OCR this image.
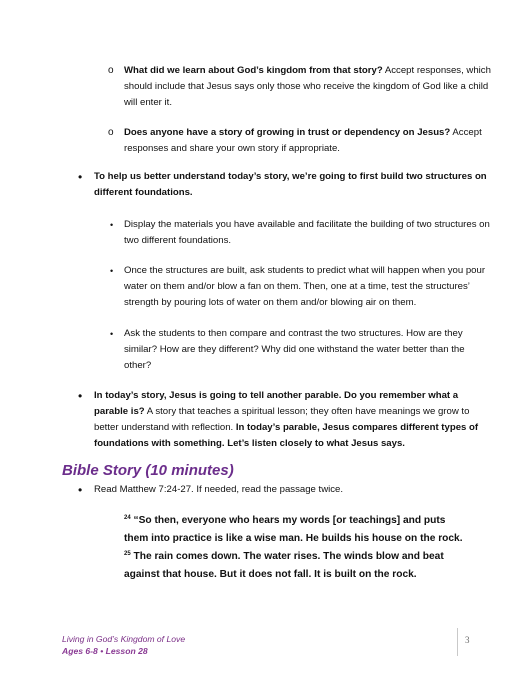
o What did we learn about God’s kingdom from that story? Accept responses, which should include that Jesus says only those who receive the kingdom of God like a child will enter it.
o Does anyone have a story of growing in trust or dependency on Jesus? Accept responses and share your own story if appropriate.
• To help us better understand today’s story, we’re going to first build two structures on different foundations.
• Display the materials you have available and facilitate the building of two structures on two different foundations.
• Once the structures are built, ask students to predict what will happen when you pour water on them and/or blow a fan on them. Then, one at a time, test the structures’ strength by pouring lots of water on them and/or blowing air on them.
• Ask the students to then compare and contrast the two structures. How are they similar? How are they different? Why did one withstand the water better than the other?
• In today’s story, Jesus is going to tell another parable. Do you remember what a parable is? A story that teaches a spiritual lesson; they often have meanings we grow to better understand with reflection. In today’s parable, Jesus compares different types of foundations with something. Let’s listen closely to what Jesus says.
Bible Story (10 minutes)
• Read Matthew 7:24-27. If needed, read the passage twice.
$^{24}$ “So then, everyone who hears my words [or teachings] and puts them into practice is like a wise man. He builds his house on the rock. $^{25}$ The rain comes down. The water rises. The winds blow and beat against that house. But it does not fall. It is built on the rock.
Living in God’s Kingdom of Love
Ages 6-8 • Lesson 28
3
